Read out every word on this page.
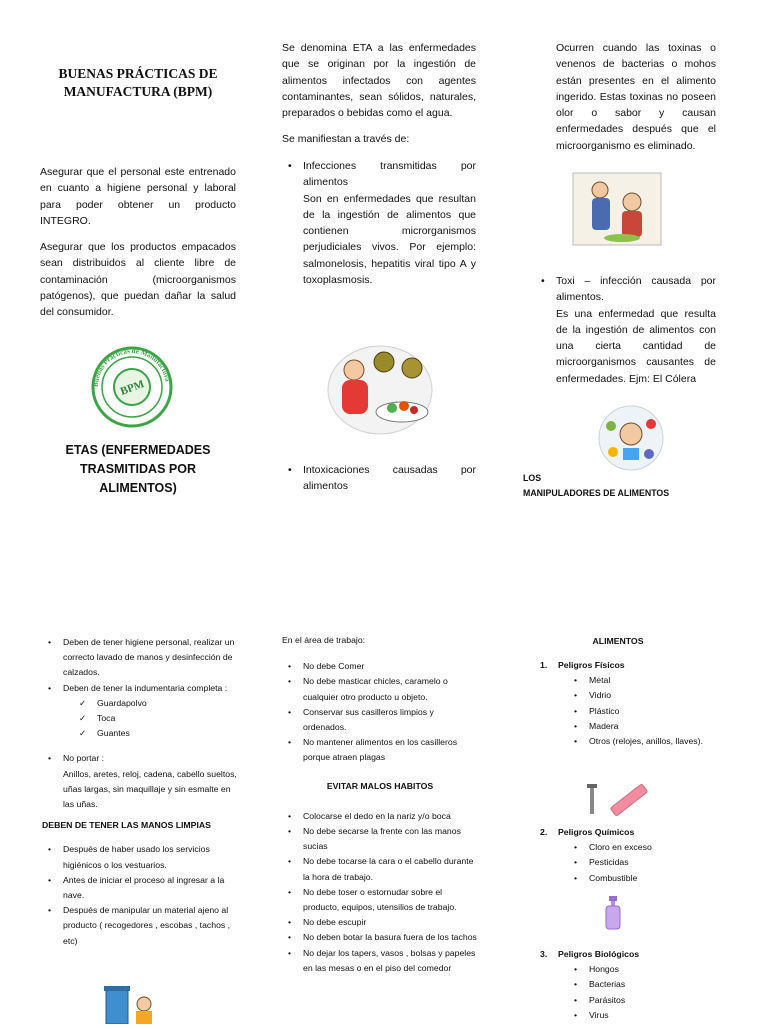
BUENAS PRÁCTICAS DE
MANUFACTURA (BPM)

Asegurar que el personal este entrenado en cuanto a higiene personal y laboral para poder obtener un producto INTEGRO.

Asegurar que los productos empacados sean distribuidos al cliente libre de contaminación (microorganismos patógenos), que puedan dañar la salud del consumidor.

Buenas Prácticas de Manufactura
BPM
ETAS (ENFERMEDADES
TRASMITIDAS POR ALIMENTOS)

Se denomina ETA a las enfermedades que se originan por la ingestión de alimentos infectados con agentes contaminantes, sean sólidos, naturales, preparados o bebidas como el agua.

Se manifiestan a través de:

• Infecciones transmitidas por alimentos
Son en enfermedades que resultan de la ingestión de alimentos que contienen microrganismos perjudiciales vivos. Por ejemplo: salmonelosis, hepatitis viral tipo A y toxoplasmosis.
• Intoxicaciones causadas por alimentos

Ocurren cuando las toxinas o venenos de bacterias o mohos están presentes en el alimento ingerido. Estas toxinas no poseen olor o sabor y causan enfermedades después que el microorganismo es eliminado.

• Toxi – infección causada por alimentos.
Es una enfermedad que resulta de la ingestión de alimentos con una cierta cantidad de microorganismos causantes de enfermedades. Ejm: El Cólera
LOS
MANIPULADORES DE ALIMENTOS
• Deben de tener higiene personal, realizar un correcto lavado de manos y desinfección de calzados.
• Deben de tener la indumentaria completa :
✓ Guardapolvo
✓ Toca
✓ Guantes
• No portar :
Anillos, aretes, reloj, cadena, cabello sueltos, uñas largas, sin maquillaje y sin esmalte en las uñas.
DEBEN DE TENER LAS MANOS LIMPIAS
• Después de haber usado los servicios higiénicos o los vestuarios.
• Antes de iniciar el proceso al ingresar a la nave.
• Después de manipular un material ajeno al producto ( recogedores , escobas , tachos , etc)
En el área de trabajo:
• No debe Comer
• No debe masticar chicles, caramelo o cualquier otro producto u objeto.
• Conservar sus casilleros limpios y ordenados.
• No mantener alimentos en los casilleros porque atraen plagas
EVITAR MALOS HABITOS
• Colocarse el dedo en la nariz y/o boca
• No debe secarse la frente con las manos sucias
• No debe tocarse la cara o el cabello durante la hora de trabajo.
• No debe toser o estornudar sobre el producto, equipos, utensilios de trabajo.
• No debe escupir
• No deben botar la basura fuera de los tachos
• No dejar los tapers, vasos , bolsas y papeles en las mesas o en el piso del comedor
ALIMENTOS
1. Peligros Físicos
• Metal
• Vidrio
• Plástico
• Madera
• Otros (relojes, anillos, llaves).
2. Peligros Químicos
• Cloro en exceso
• Pesticidas
• Combustible
3. Peligros Biológicos
• Hongos
• Bacterias
• Parásitos
• Virus
